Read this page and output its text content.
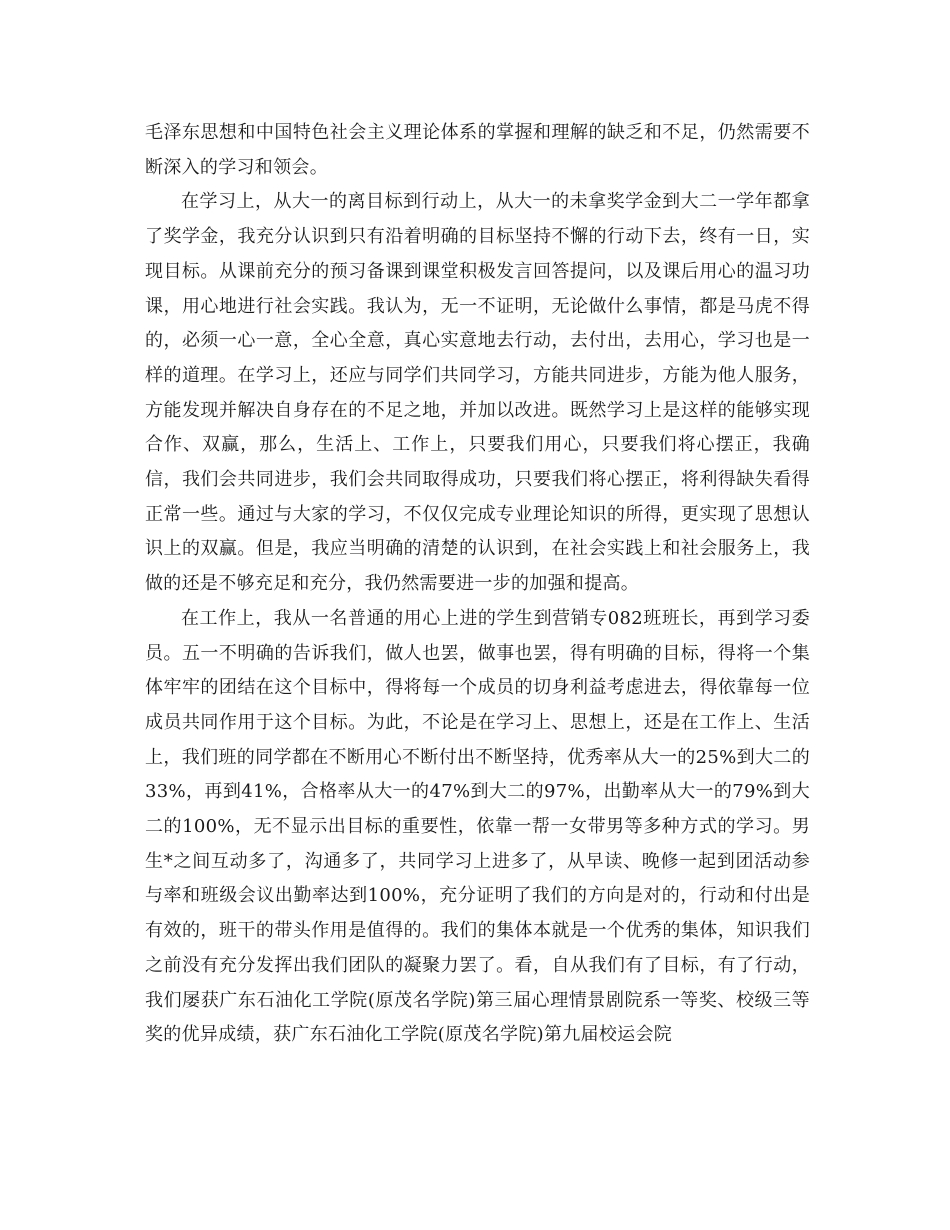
毛泽东思想和中国特色社会主义理论体系的掌握和理解的缺乏和不足，仍然需要不断深入的学习和领会。

在学习上，从大一的离目标到行动上，从大一的未拿奖学金到大二一学年都拿了奖学金，我充分认识到只有沿着明确的目标坚持不懈的行动下去，终有一日，实现目标。从课前充分的预习备课到课堂积极发言回答提问，以及课后用心的温习功课，用心地进行社会实践。我认为，无一不证明，无论做什么事情，都是马虎不得的，必须一心一意，全心全意，真心实意地去行动，去付出，去用心，学习也是一样的道理。在学习上，还应与同学们共同学习，方能共同进步，方能为他人服务，方能发现并解决自身存在的不足之地，并加以改进。既然学习上是这样的能够实现合作、双赢，那么，生活上、工作上，只要我们用心，只要我们将心摆正，我确信，我们会共同进步，我们会共同取得成功，只要我们将心摆正，将利得缺失看得正常一些。通过与大家的学习，不仅仅完成专业理论知识的所得，更实现了思想认识上的双赢。但是，我应当明确的清楚的认识到，在社会实践上和社会服务上，我做的还是不够充足和充分，我仍然需要进一步的加强和提高。

在工作上，我从一名普通的用心上进的学生到营销专082班班长，再到学习委员。五一不明确的告诉我们，做人也罢，做事也罢，得有明确的目标，得将一个集体牢牢的团结在这个目标中，得将每一个成员的切身利益考虑进去，得依靠每一位成员共同作用于这个目标。为此，不论是在学习上、思想上，还是在工作上、生活上，我们班的同学都在不断用心不断付出不断坚持，优秀率从大一的25%到大二的33%，再到41%，合格率从大一的47%到大二的97%，出勤率从大一的79%到大二的100%，无不显示出目标的重要性，依靠一帮一女带男等多种方式的学习。男生*之间互动多了，沟通多了，共同学习上进多了，从早读、晚修一起到团活动参与率和班级会议出勤率达到100%，充分证明了我们的方向是对的，行动和付出是有效的，班干的带头作用是值得的。我们的集体本就是一个优秀的集体，知识我们之前没有充分发挥出我们团队的凝聚力罢了。看，自从我们有了目标，有了行动，我们屡获广东石油化工学院(原茂名学院)第三届心理情景剧院系一等奖、校级三等奖的优异成绩，获广东石油化工学院(原茂名学院)第九届校运会院
